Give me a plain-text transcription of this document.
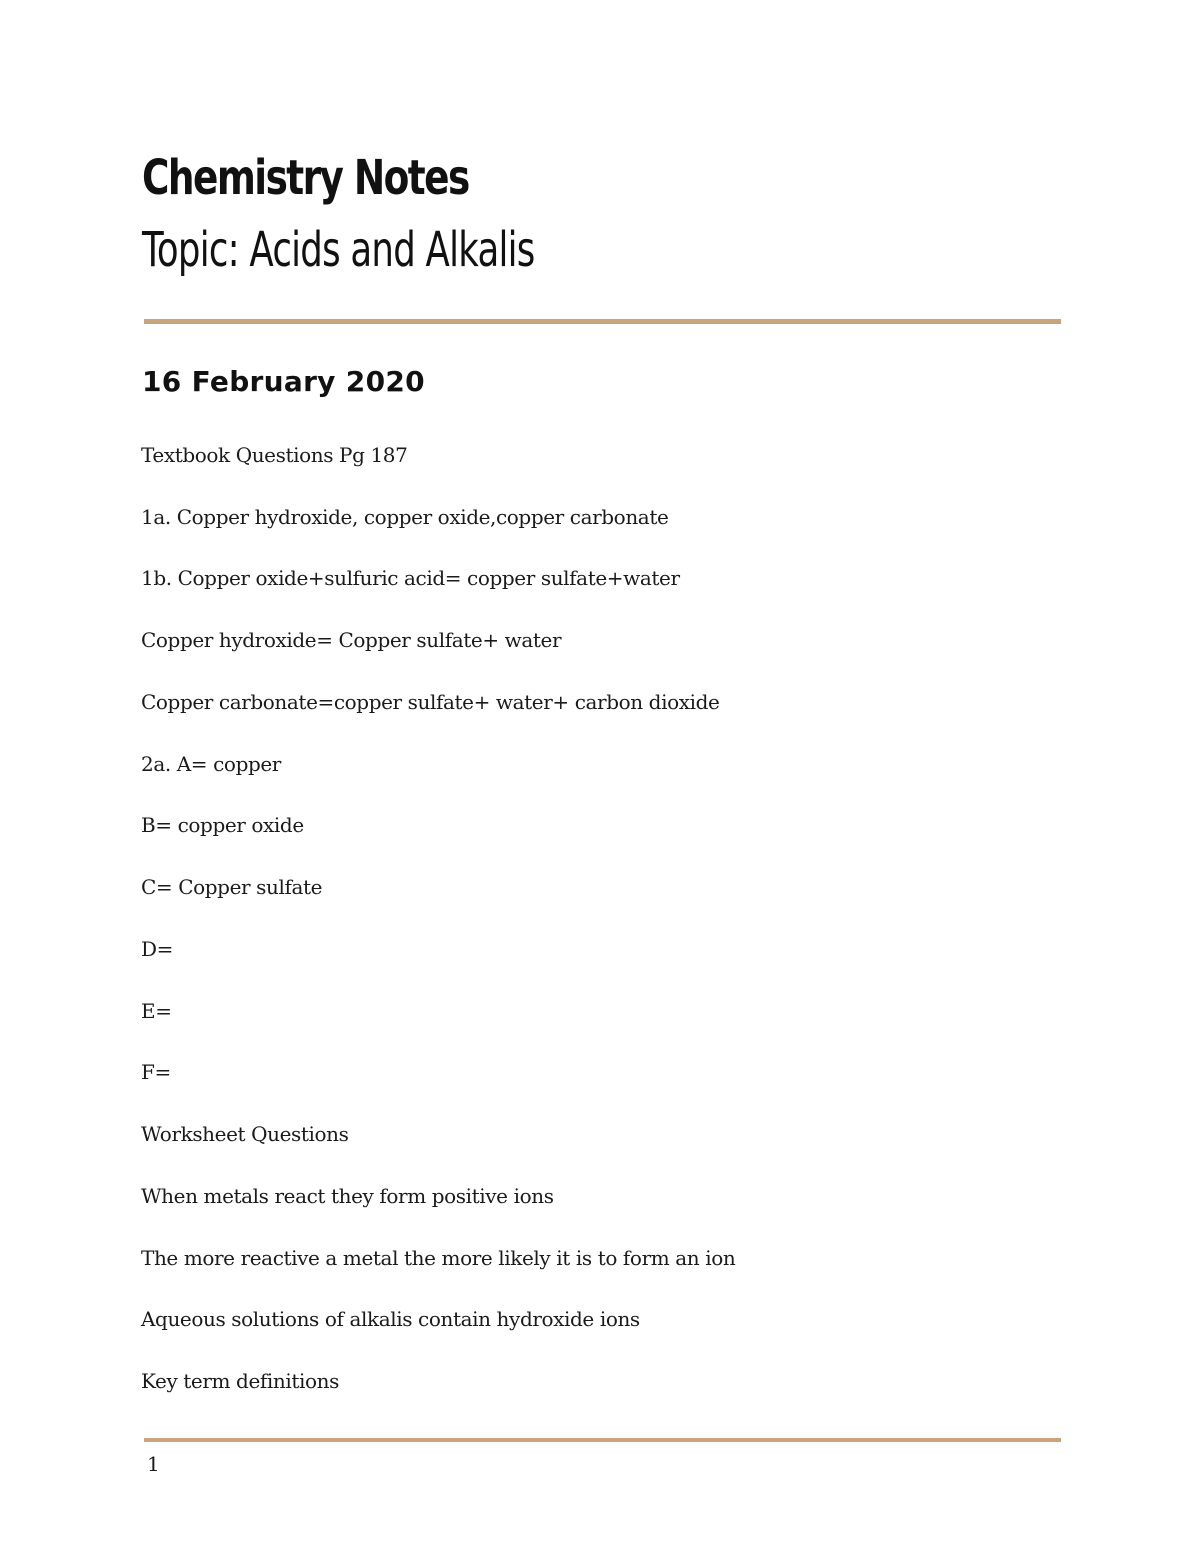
Chemistry Notes
Topic: Acids and Alkalis
16 February 2020

Textbook Questions Pg 187

1a. Copper hydroxide, copper oxide,copper carbonate

1b. Copper oxide+sulfuric acid= copper sulfate+water

Copper hydroxide= Copper sulfate+ water

Copper carbonate=copper sulfate+ water+ carbon dioxide

2a. A= copper

B= copper oxide

C= Copper sulfate

D=

E=

F=

Worksheet Questions

When metals react they form positive ions

The more reactive a metal the more likely it is to form an ion

Aqueous solutions of alkalis contain hydroxide ions

Key term definitions

1
